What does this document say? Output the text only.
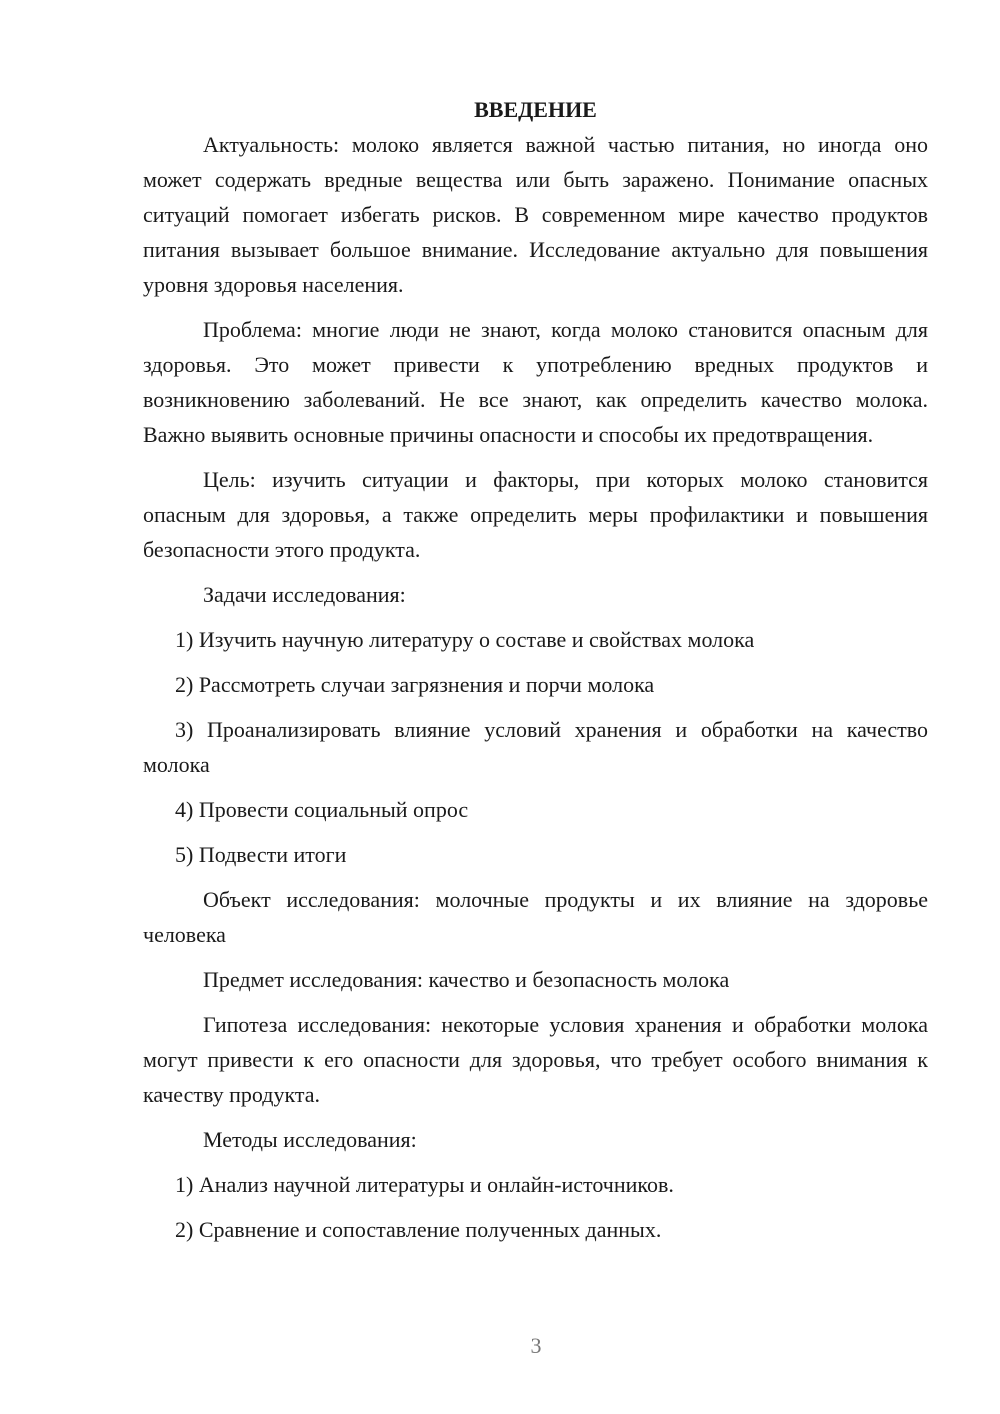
ВВЕДЕНИЕ

Актуальность: молоко является важной частью питания, но иногда оно может содержать вредные вещества или быть заражено. Понимание опасных ситуаций помогает избегать рисков. В современном мире качество продуктов питания вызывает большое внимание. Исследование актуально для повышения уровня здоровья населения.

Проблема: многие люди не знают, когда молоко становится опасным для здоровья. Это может привести к употреблению вредных продуктов и возникновению заболеваний. Не все знают, как определить качество молока. Важно выявить основные причины опасности и способы их предотвращения.

Цель: изучить ситуации и факторы, при которых молоко становится опасным для здоровья, а также определить меры профилактики и повышения безопасности этого продукта.

Задачи исследования:

1) Изучить научную литературу о составе и свойствах молока

2) Рассмотреть случаи загрязнения и порчи молока

3) Проанализировать влияние условий хранения и обработки на качество молока

4) Провести социальный опрос

5) Подвести итоги

Объект исследования: молочные продукты и их влияние на здоровье человека

Предмет исследования: качество и безопасность молока

Гипотеза исследования: некоторые условия хранения и обработки молока могут привести к его опасности для здоровья, что требует особого внимания к качеству продукта.

Методы исследования:

1) Анализ научной литературы и онлайн-источников.

2) Сравнение и сопоставление полученных данных.

3
